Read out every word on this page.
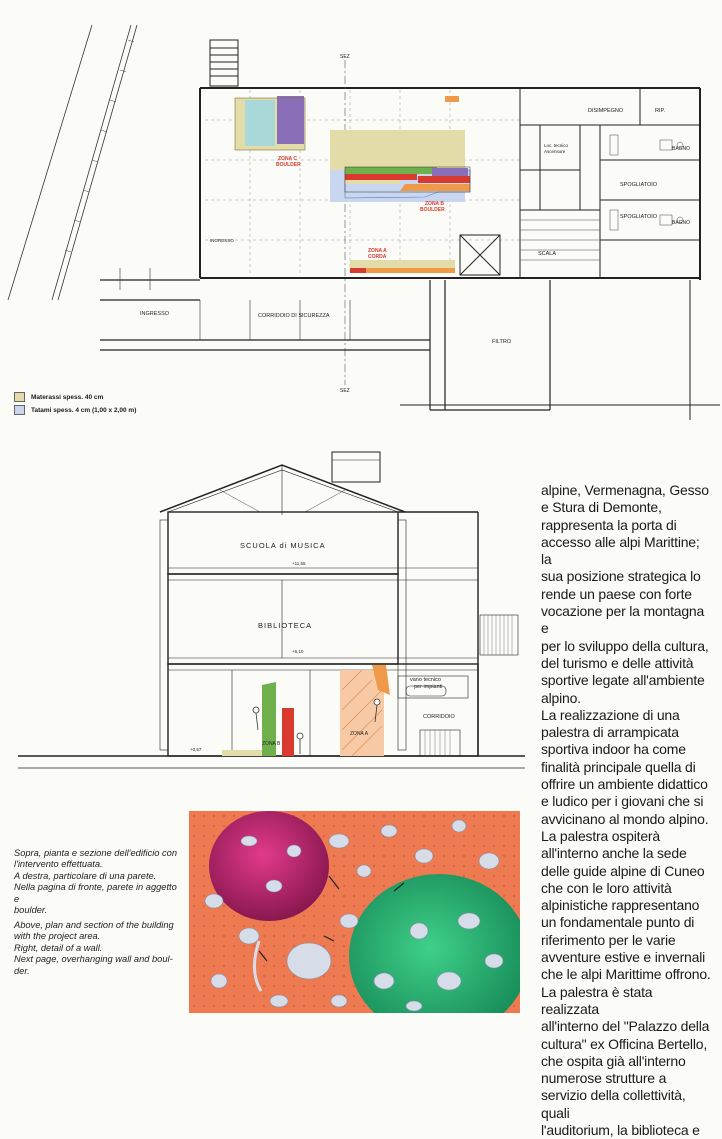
SEZ
SEZ
ZONA C
BOULDER
ZONA B
BOULDER
ZONA A
CORDA
DISIMPEGNO	RIP.
Loc. tecnico
Ascensore	BAGNO
BAGNO
SPOGLIATOIO
SPOGLIATOIO
SCALA
INGRESSO
INGRESSO	CORRIDOIO DI SICUREZZA
FILTRO
Materassi spess. 40 cm
Tatami spess. 4 cm (1,00 x 2,00 m)
SCUOLA di MUSICA
BIBLIOTECA
CORRIDOIO
vano tecnico
per impianti
ZONA B
ZONA A
+11,55
+6,10
+0,57

alpine, Vermenagna, Gesso

e Stura di Demonte,

rappresenta la porta di

accesso alle alpi Marittine; la

sua posizione strategica lo

rende un paese con forte

vocazione per la montagna e

per lo sviluppo della cultura,

del turismo e delle attività

sportive legate all'ambiente

alpino.

La realizzazione di una

palestra di arrampicata

sportiva indoor ha come

finalità principale quella di

offrire un ambiente didattico

e ludico per i giovani che si

avvicinano al mondo alpino.

La palestra ospiterà

all'interno anche la sede

delle guide alpine di Cuneo

che con le loro attività

alpinistiche rappresentano

un fondamentale punto di

riferimento per le varie

avventure estive e invernali

che le alpi Marittime offrono.

La palestra è stata realizzata

all'interno del "Palazzo della

cultura" ex Officina Bertello,

che ospita già all'interno

numerose strutture a

servizio della collettività, quali

l'auditorium, la biblioteca e

Sopra, pianta e sezione dell'edificio con

l'intervento effettuata.

A destra, particolare di una parete.

Nella pagina di fronte, parete in aggetto e

boulder.

Above, plan and section of the building

with the project area.

Right, detail of a wall.

Next page, overhanging wall and boul-

der.
